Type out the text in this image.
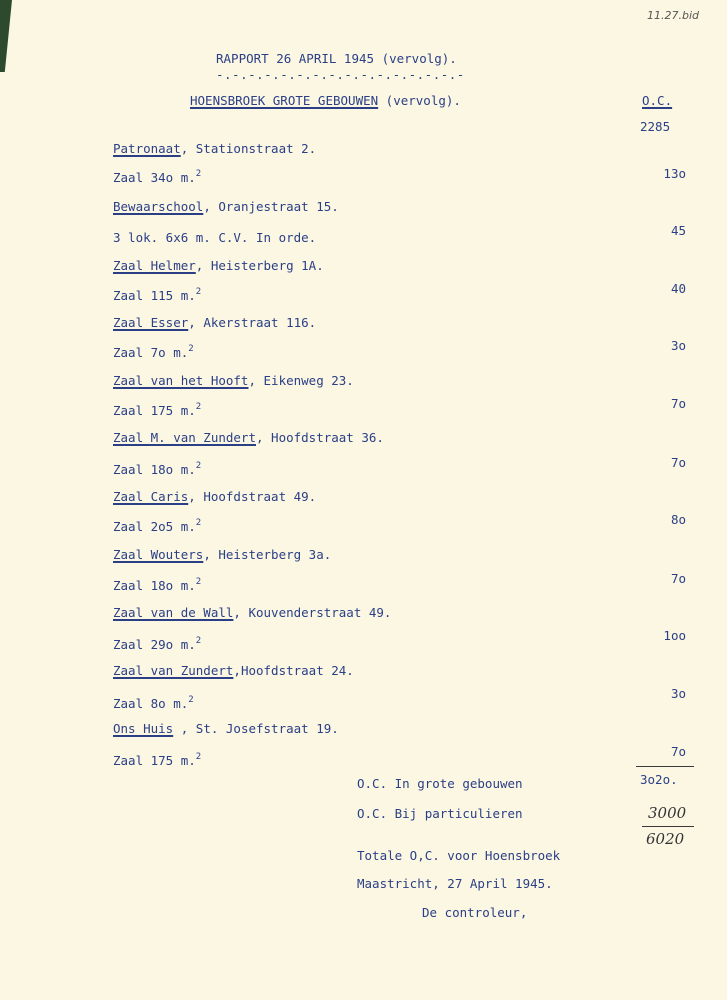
11.27.bid
RAPPORT 26 APRIL 1945 (vervolg).
-.-.-.-.-.-.-.-.-.-.-.-.-.-.-.-
HOENSBROEK GROTE GEBOUWEN (vervolg).	O.C.
2285
Patronaat, Stationstraat 2.
Zaal 34o m.$^2$	13o
Bewaarschool, Oranjestraat 15.
3 lok. 6x6 m. C.V. In orde.	45
Zaal Helmer, Heisterberg 1A.
Zaal 115 m.$^2$	40
Zaal Esser, Akerstraat 116.
Zaal 7o m.$^2$	3o
Zaal van het Hooft, Eikenweg 23.
Zaal 175 m.$^2$	7o
Zaal M. van Zundert, Hoofdstraat 36.
Zaal 18o m.$^2$	7o
Zaal Caris, Hoofdstraat 49.
Zaal 2o5 m.$^2$	8o
Zaal Wouters, Heisterberg 3a.
Zaal 18o m.$^2$	7o
Zaal van de Wall, Kouvenderstraat 49.
Zaal 29o m.$^2$	1oo
Zaal van Zundert,Hoofdstraat 24.
Zaal 8o m.$^2$	3o
Ons Huis , St. Josefstraat 19.
Zaal 175 m.$^2$	7o
O.C. In grote gebouwen	3o2o.
O.C. Bij particulieren	3000
6020
Totale O,C. voor Hoensbroek
Maastricht, 27 April 1945.
De controleur,
